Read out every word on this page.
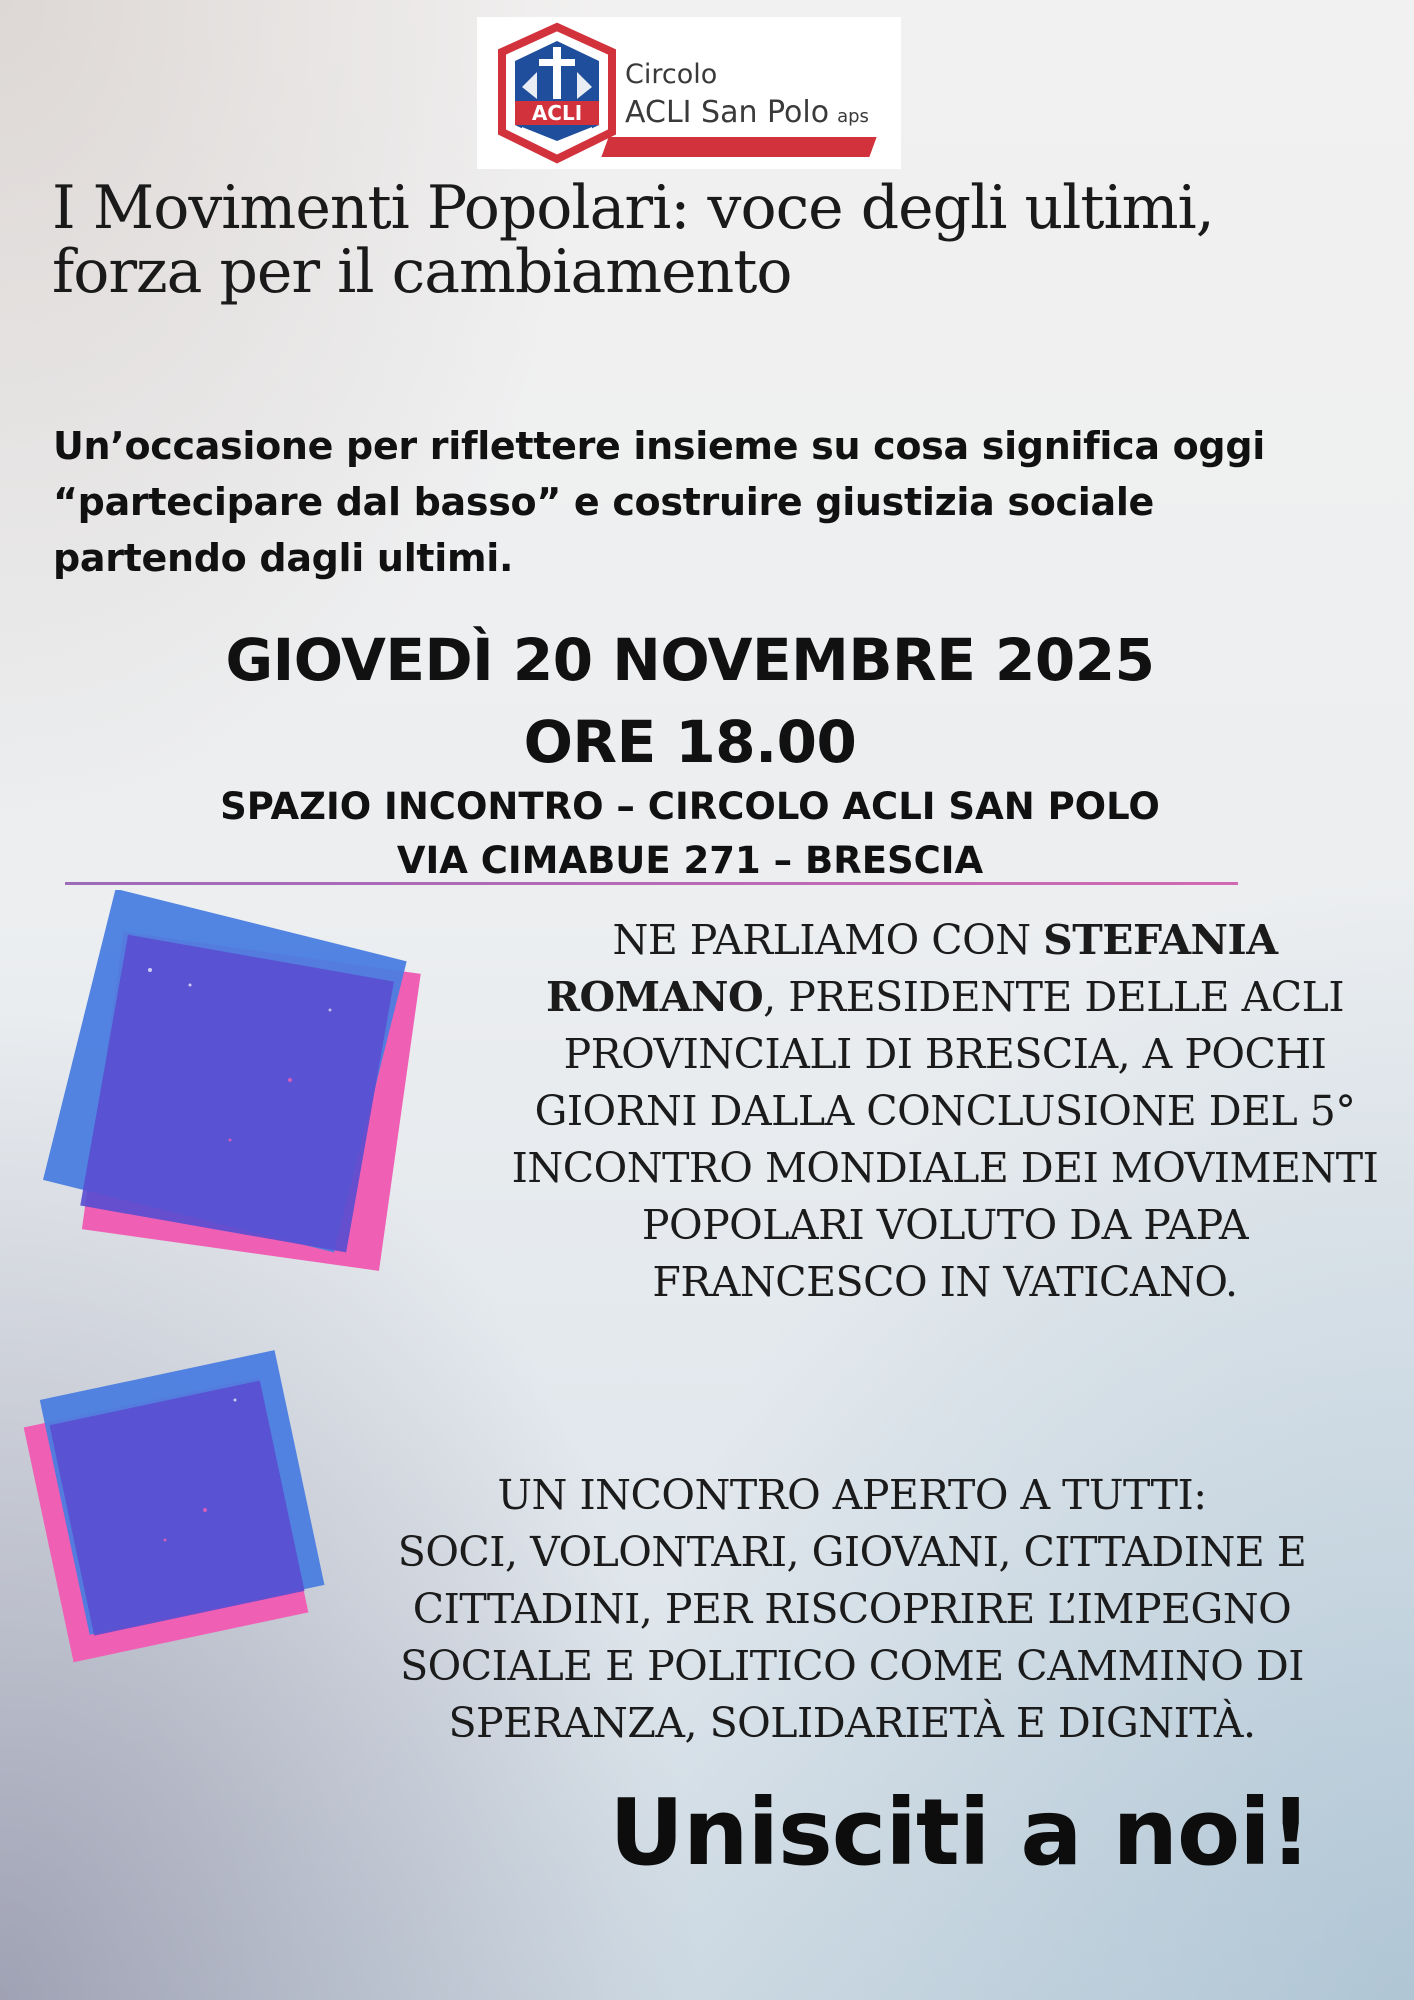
ACLI
Circolo
ACLI San Polo aps
I Movimenti Popolari: voce degli ultimi,
forza per il cambiamento
Un’occasione per riflettere insieme su cosa significa oggi
“partecipare dal basso” e costruire giustizia sociale
partendo dagli ultimi.
GIOVEDÌ 20 NOVEMBRE 2025
ORE 18.00
SPAZIO INCONTRO – CIRCOLO ACLI SAN POLO
VIA CIMABUE 271 – BRESCIA
NE PARLIAMO CON STEFANIA ROMANO, PRESIDENTE DELLE ACLI PROVINCIALI DI BRESCIA, A POCHI GIORNI DALLA CONCLUSIONE DEL 5° INCONTRO MONDIALE DEI MOVIMENTI POPOLARI VOLUTO DA PAPA FRANCESCO IN VATICANO.
UN INCONTRO APERTO A TUTTI:
SOCI, VOLONTARI, GIOVANI, CITTADINE E
CITTADINI, PER RISCOPRIRE L’IMPEGNO
SOCIALE E POLITICO COME CAMMINO DI
SPERANZA, SOLIDARIETÀ E DIGNITÀ.
Unisciti a noi!
